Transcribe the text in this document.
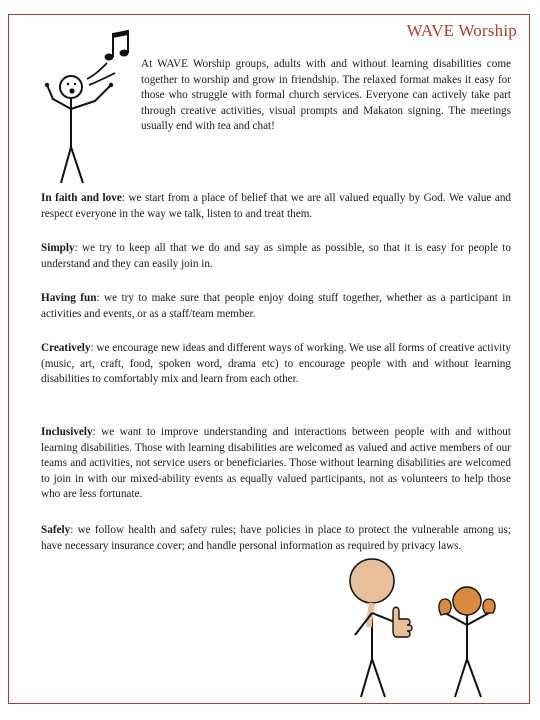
WAVE Worship
At WAVE Worship groups, adults with and without learning disabilities come together to worship and grow in friendship. The relaxed format makes it easy for those who struggle with formal church services. Everyone can actively take part through creative activities, visual prompts and Makaton signing. The meetings usually end with tea and chat!
In faith and love: we start from a place of belief that we are all valued equally by God. We value and respect everyone in the way we talk, listen to and treat them.
Simply: we try to keep all that we do and say as simple as possible, so that it is easy for people to understand and they can easily join in.
Having fun: we try to make sure that people enjoy doing stuff together, whether as a participant in activities and events, or as a staff/team member.
Creatively: we encourage new ideas and different ways of working. We use all forms of creative activity (music, art, craft, food, spoken word, drama etc) to encourage people with and without learning disabilities to comfortably mix and learn from each other.
Inclusively: we want to improve understanding and interactions between people with and without learning disabilities. Those with learning disabilities are welcomed as valued and active members of our teams and activities, not service users or beneficiaries. Those without learning disabilities are welcomed to join in with our mixed-ability events as equally valued participants, not as volunteers to help those who are less fortunate.
Safely: we follow health and safety rules; have policies in place to protect the vulnerable among us; have necessary insurance cover; and handle personal information as required by privacy laws.
